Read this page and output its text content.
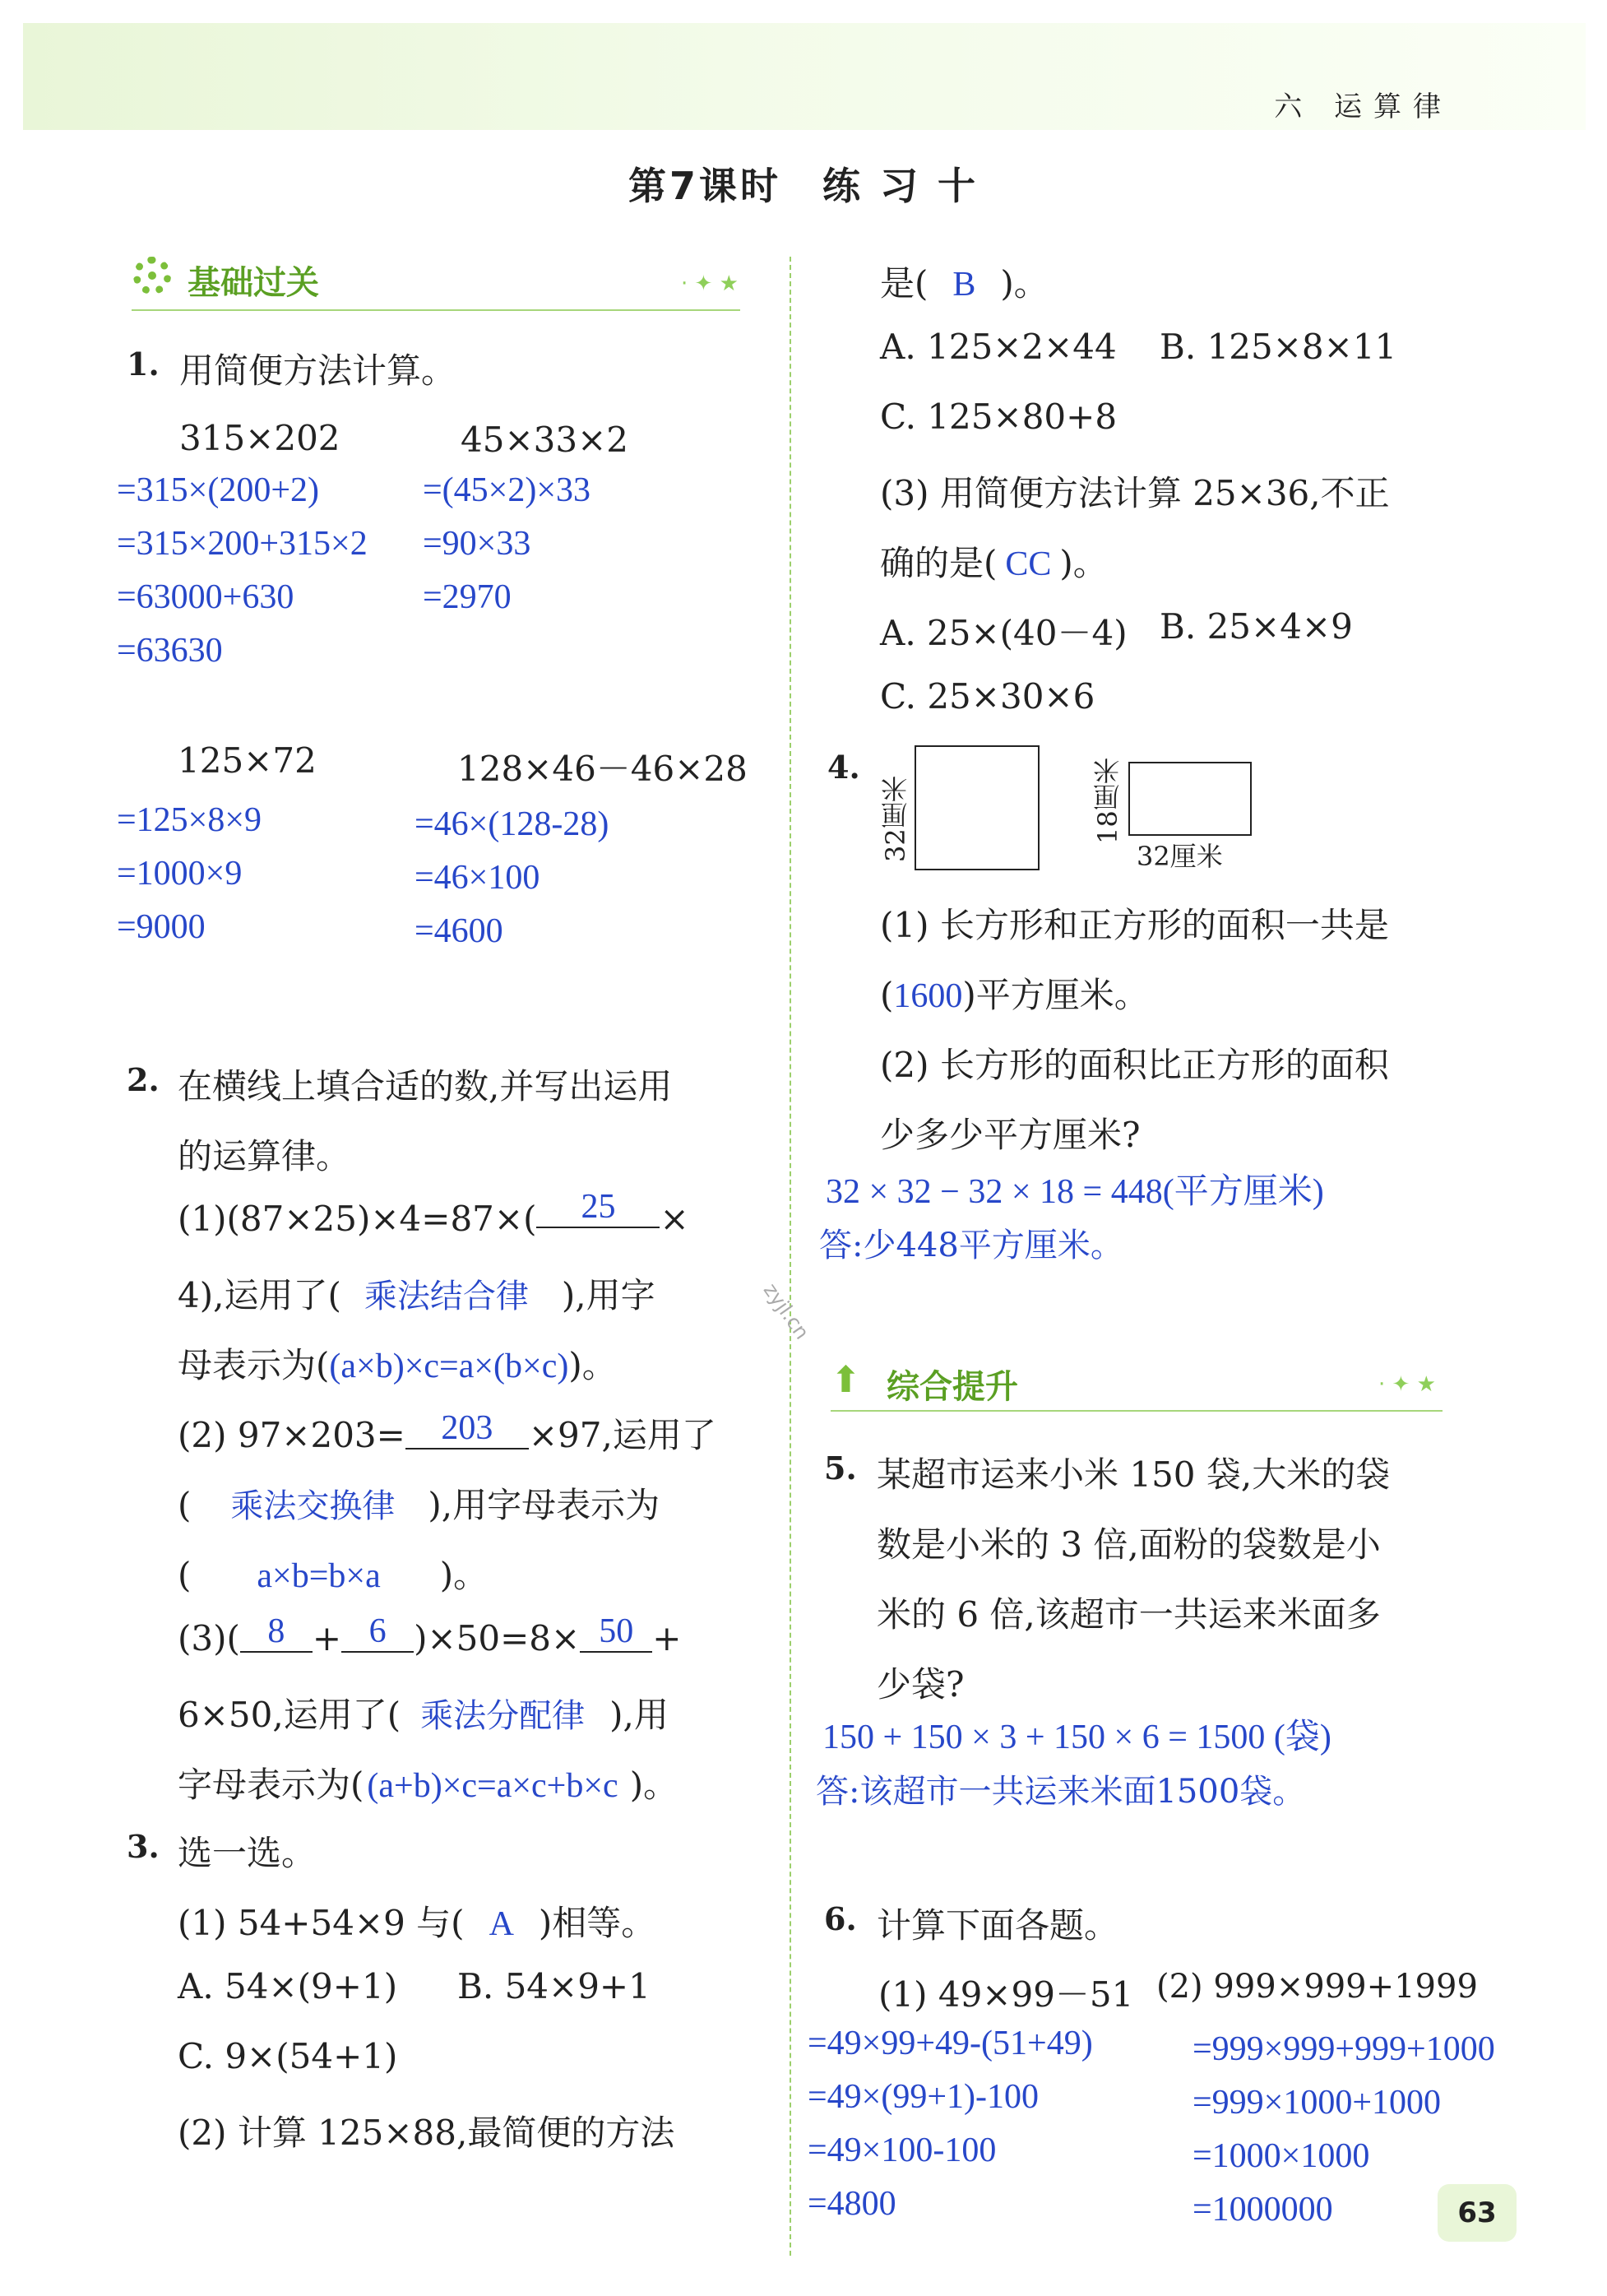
六 运算律
第7课时　练 习 十
基础过关	· ✦ ★
1. 用简便方法计算。
315×202
=315×(200+2)
=315×200+315×2
=63000+630
=63630
45×33×2
=(45×2)×33
=90×33
=2970
125×72
=125×8×9
=1000×9
=9000
128×46－46×28
=46×(128-28)
=46×100
=4600
2. 在横线上填合适的数,并写出运用
的运算律。
(1)(87×25)×4=87×( 25 ×
4),运用了( 乘法结合律 ),用字
母表示为((a×b)×c=a×(b×c))。
(2) 97×203= 203 ×97,运用了
( 乘法交换律 ),用字母表示为
( a×b=b×a )。
(3)( 8 + 6 )×50=8× 50 +
6×50,运用了( 乘法分配律 ),用
字母表示为((a+b)×c=a×c+b×c )。
3. 选一选。
(1) 54+54×9 与( A )相等。
A. 54×(9+1) B. 54×9+1
C. 9×(54+1)
(2) 计算 125×88,最简便的方法
是( B )。
A. 125×2×44 B. 125×8×11
C. 125×80+8
(3) 用简便方法计算 25×36,不正
确的是( CC )。
A. 25×(40－4) B. 25×4×9
C. 25×30×6
4.
32厘米	18厘米
32厘米
(1) 长方形和正方形的面积一共是
(1600)平方厘米。
(2) 长方形的面积比正方形的面积
少多少平方厘米?
32 × 32 − 32 × 18 = 448(平方厘米)
答:少448平方厘米。
zyjl.cn
⬆ 综合提升	· ✦ ★
5. 某超市运来小米 150 袋,大米的袋
数是小米的 3 倍,面粉的袋数是小
米的 6 倍,该超市一共运来米面多
少袋?
150 + 150 × 3 + 150 × 6 = 1500 (袋)
答:该超市一共运来米面1500袋。
6. 计算下面各题。
(1) 49×99－51 (2) 999×999+1999
=49×99+49-(51+49)
=49×(99+1)-100
=49×100-100
=4800
=999×999+999+1000
=999×1000+1000
=1000×1000
=1000000	63
